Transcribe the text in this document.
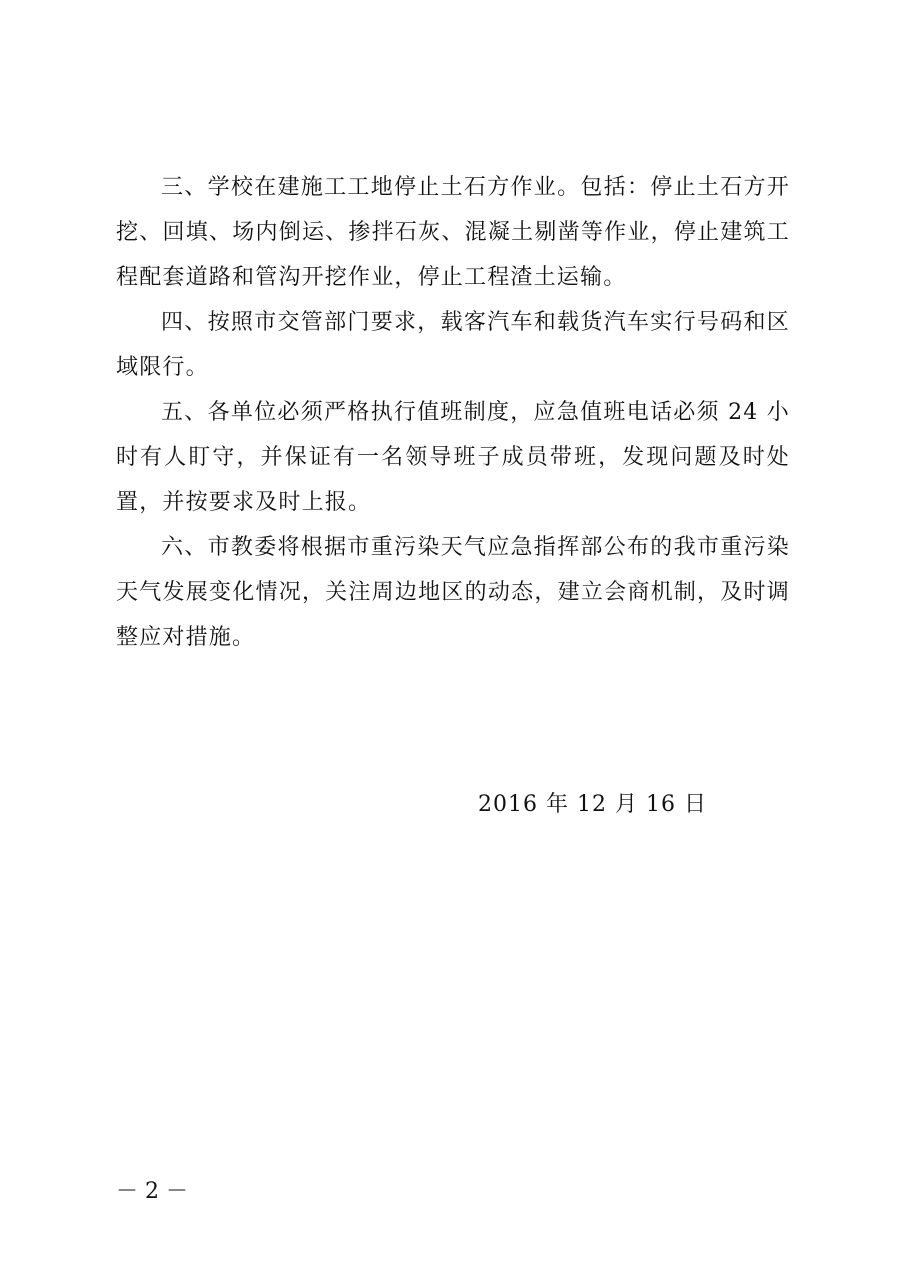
三、学校在建施工工地停止土石方作业。包括：停止土石方开挖、回填、场内倒运、掺拌石灰、混凝土剔凿等作业，停止建筑工程配套道路和管沟开挖作业，停止工程渣土运输。

四、按照市交管部门要求，载客汽车和载货汽车实行号码和区域限行。

五、各单位必须严格执行值班制度，应急值班电话必须 24 小时有人盯守，并保证有一名领导班子成员带班，发现问题及时处置，并按要求及时上报。

六、市教委将根据市重污染天气应急指挥部公布的我市重污染天气发展变化情况，关注周边地区的动态，建立会商机制，及时调整应对措施。

2016 年 12 月 16 日
－ 2 －
